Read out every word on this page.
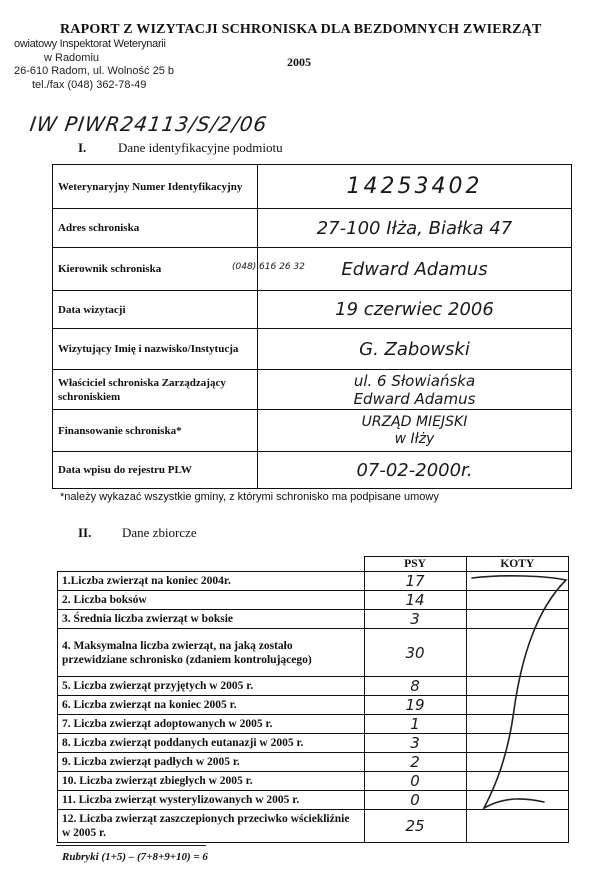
RAPORT Z WIZYTACJI SCHRONISKA DLA BEZDOMNYCH ZWIERZĄT
2005
owiatowy Inspektorat Weterynarii
w Radomiu
26-610 Radom, ul. Wolność 25 b
tel./fax (048) 362-78-49
IW PIWR24113/S/2/06
I. Dane identyfikacyjne podmiotu
Weterynaryjny Numer Identyfikacyjny	14253402
Adres schroniska	27-100 Iłża, Białka 47
Kierownik schroniska	(048) 616 26 32 Edward Adamus
Data wizytacji	19 czerwiec 2006
Wizytujący Imię i nazwisko/Instytucja	G. Zabowski
Właściciel schroniska Zarządzający schroniskiem	ul. 6 Słowiańska
Edward Adamus

Finansowanie schroniska*	URZĄD MIEJSKI
w Iłży

Data wpisu do rejestru PLW	07-02-2000r.
*należy wykazać wszystkie gminy, z którymi schronisko ma podpisane umowy
II. Dane zbiorcze
	PSY	KOTY
1.Liczba zwierząt na koniec 2004r.	17	
2. Liczba boksów	14	
3. Średnia liczba zwierząt w boksie	3	
4. Maksymalna liczba zwierząt, na jaką zostało przewidziane schronisko (zdaniem kontrolującego)	30	
5. Liczba zwierząt przyjętych w 2005 r.	8	
6. Liczba zwierząt na koniec 2005 r.	19	
7. Liczba zwierząt adoptowanych w 2005 r.	1	
8. Liczba zwierząt poddanych eutanazji w 2005 r.	3	
9. Liczba zwierząt padłych w 2005 r.	2	
10. Liczba zwierząt zbiegłych w 2005 r.	0	
11. Liczba zwierząt wysterylizowanych w 2005 r.	0	
12. Liczba zwierząt zaszczepionych przeciwko wściekliźnie w 2005 r.	25	
Rubryki (1+5) – (7+8+9+10) = 6
